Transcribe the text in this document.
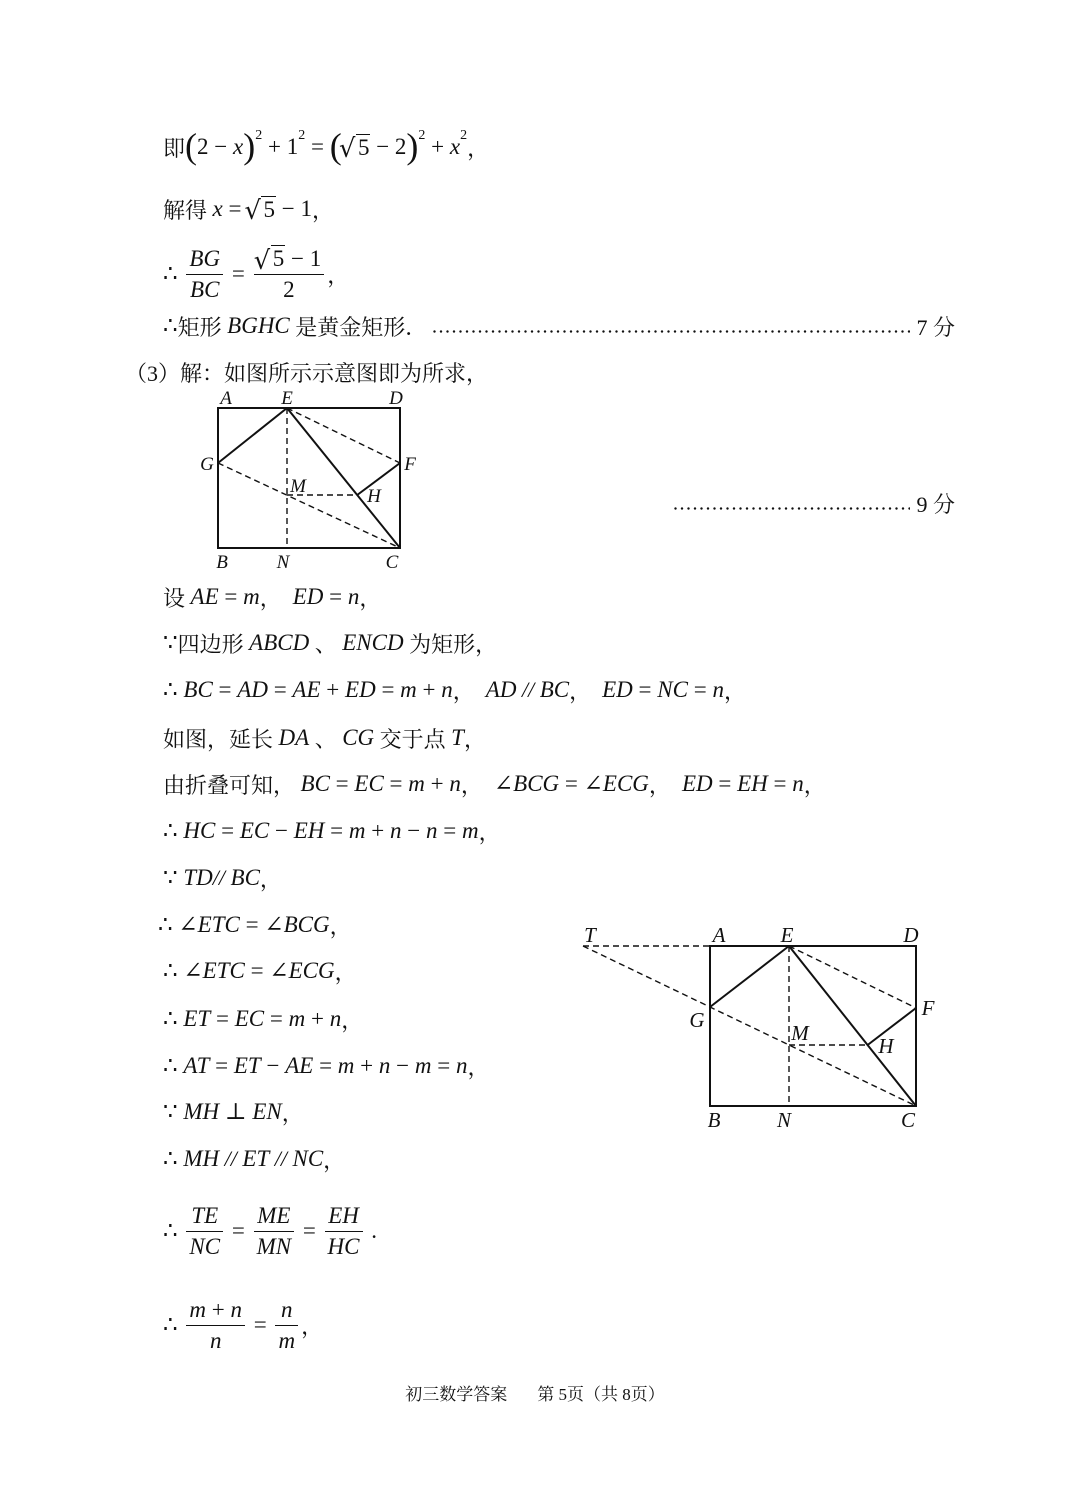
即 ( 2 − x ) 2 + 1 2 = ( √ 5 − 2 ) 2 + x 2
，
解得 x = √ 5 − 1 ，
∴ $\frac{BG}{BC}$ = √ $\frac{5 - 1}{2}$ ，
∴ 矩形 BGHC 是黄金矩形．	7 分
（3）解：如图所示示意图即为所求，
A	E	D
G	F
M	H
B	N	C
9 分
设 AE = m ， ED = n ，
∵ 四边形 ABCD 、 ENCD 为矩形，
∴ BC = AD = AE + ED = m + n ， AD // BC ， ED = NC = n ，
如图，延长 DA 、 CG 交于点 T ，
由折叠可知， BC = EC = m + n ， ∠ BCG = ∠ ECG ， ED = EH = n ，
∴ HC = EC − EH = m + n − n = m ，
∵ TD // BC ，
∴ ∠ ETC = ∠ BCG ，
∴ ∠ ETC = ∠ ECG ，
∴ ET = EC = m + n ，
∴ AT = ET − AE = m + n − m = n ，
∵ MH ⊥ EN ，
∴ MH // ET // NC ，
∴ $\frac{TE}{NC} = \frac{ME}{MN} = \frac{EH}{HC}$ .
∴ $\frac{m + n}{n} = \frac{n}{m}$ ，
T	A	E	D
G	F
M
H
B	N	C
初三数学答案 第 5页（共 8页）
